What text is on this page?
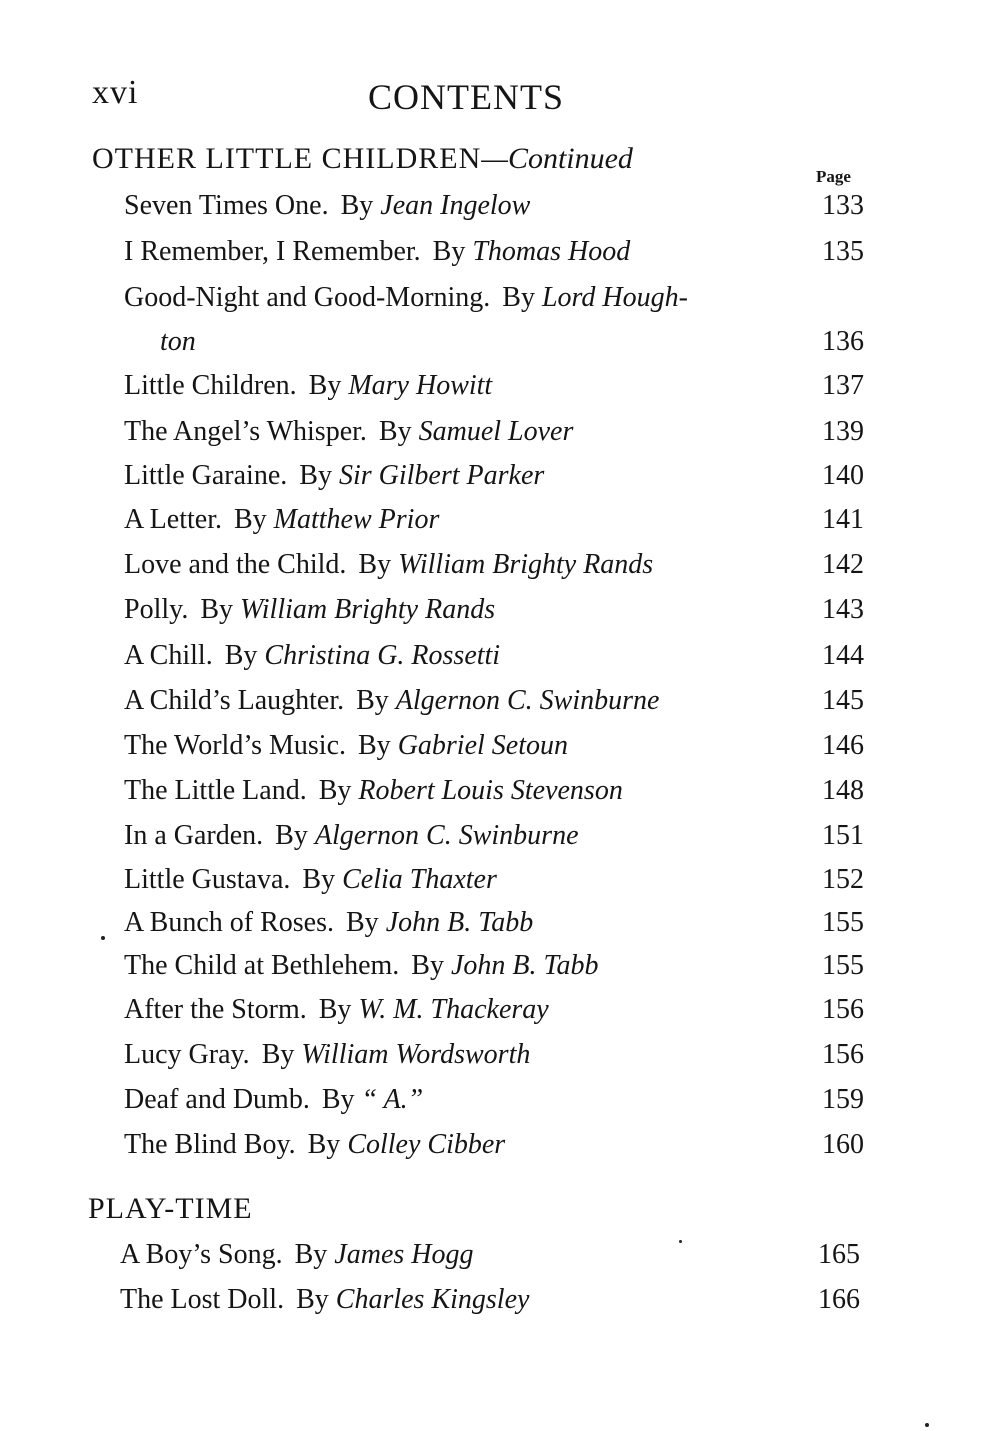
xvi	CONTENTS
OTHER LITTLE CHILDREN—Continued
Page
PLAY-TIME
Seven Times One. By Jean Ingelow	133
I Remember, I Remember. By Thomas Hood	135
Good-Night and Good-Morning. By Lord Hough-
ton	136
Little Children. By Mary Howitt	137
The Angel’s Whisper. By Samuel Lover	139
Little Garaine. By Sir Gilbert Parker	140
A Letter. By Matthew Prior	141
Love and the Child. By William Brighty Rands	142
Polly. By William Brighty Rands	143
A Chill. By Christina G. Rossetti	144
A Child’s Laughter. By Algernon C. Swinburne	145
The World’s Music. By Gabriel Setoun	146
The Little Land. By Robert Louis Stevenson	148
In a Garden. By Algernon C. Swinburne	151
Little Gustava. By Celia Thaxter	152
A Bunch of Roses. By John B. Tabb	155
The Child at Bethlehem. By John B. Tabb	155
After the Storm. By W. M. Thackeray	156
Lucy Gray. By William Wordsworth	156
Deaf and Dumb. By “ A.”	159
The Blind Boy. By Colley Cibber	160
A Boy’s Song. By James Hogg	165
The Lost Doll. By Charles Kingsley	166
